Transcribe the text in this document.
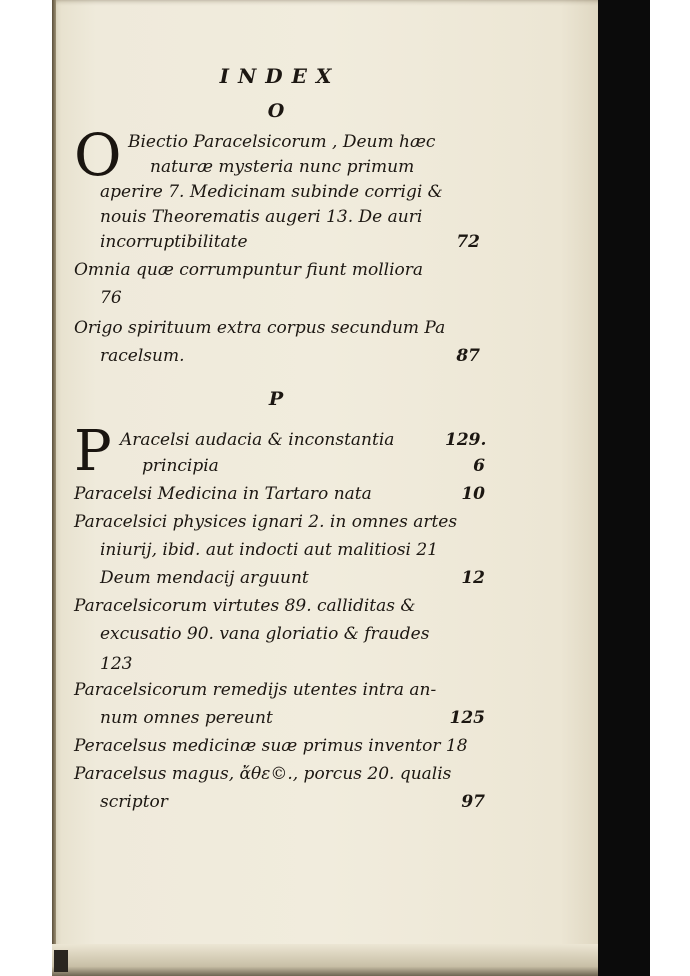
INDEX
O
O Biectio Paracelsicorum , Deum hæc
naturæ mysteria nunc primum
aperire 7. Medicinam subinde corrigi &
nouis Theorematis augeri 13. De auri
incorruptibilitate	72
Omnia quæ corrumpuntur fiunt molliora
76
Origo spirituum extra corpus secundum Pa
racelsum.	87
P
P Aracelsi audacia & inconstantia	129.
principia	6
Paracelsi Medicina in Tartaro nata	10
Paracelsici physices ignari 2. in omnes artes
iniurij, ibid. aut indocti aut malitiosi 21
Deum mendacij arguunt	12
Paracelsicorum virtutes 89. calliditas &
excusatio 90. vana gloriatio & fraudes
123
Paracelsicorum remedijs utentes intra an-
num omnes pereunt	125
Peracelsus medicinæ suæ primus inventor 18
Paracelsus magus, ἄθε©., porcus 20. qualis
scriptor	97
